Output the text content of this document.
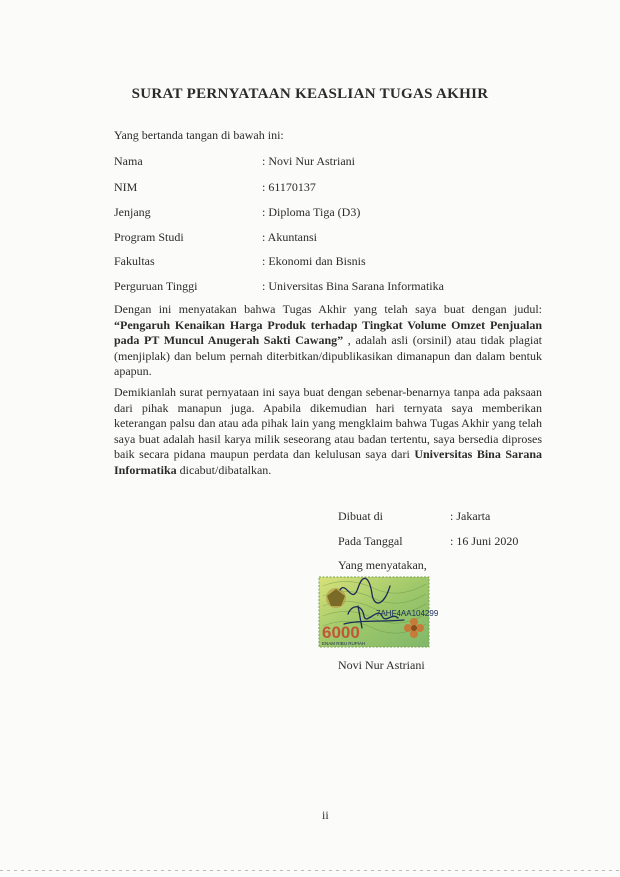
SURAT PERNYATAAN KEASLIAN TUGAS AKHIR
Yang bertanda tangan di bawah ini:
Nama	: Novi Nur Astriani
NIM	: 61170137
Jenjang	: Diploma Tiga (D3)
Program Studi	: Akuntansi
Fakultas	: Ekonomi dan Bisnis
Perguruan Tinggi	: Universitas Bina Sarana Informatika
Dengan ini menyatakan bahwa Tugas Akhir yang telah saya buat dengan judul: “Pengaruh Kenaikan Harga Produk terhadap Tingkat Volume Omzet Penjualan pada PT Muncul Anugerah Sakti Cawang” , adalah asli (orsinil) atau tidak plagiat (menjiplak) dan belum pernah diterbitkan/dipublikasikan dimanapun dan dalam bentuk apapun.
Demikianlah surat pernyataan ini saya buat dengan sebenar-benarnya tanpa ada paksaan dari pihak manapun juga. Apabila dikemudian hari ternyata saya memberikan keterangan palsu dan atau ada pihak lain yang mengklaim bahwa Tugas Akhir yang telah saya buat adalah hasil karya milik seseorang atau badan tertentu, saya bersedia diproses baik secara pidana maupun perdata dan kelulusan saya dari Universitas Bina Sarana Informatika dicabut/dibatalkan.
Dibuat di	: Jakarta
Pada Tanggal	: 16 Juni 2020
Yang menyatakan,
7AHF4AA104299
6000
ENAM RIBU RUPIAH
Novi Nur Astriani
ii
